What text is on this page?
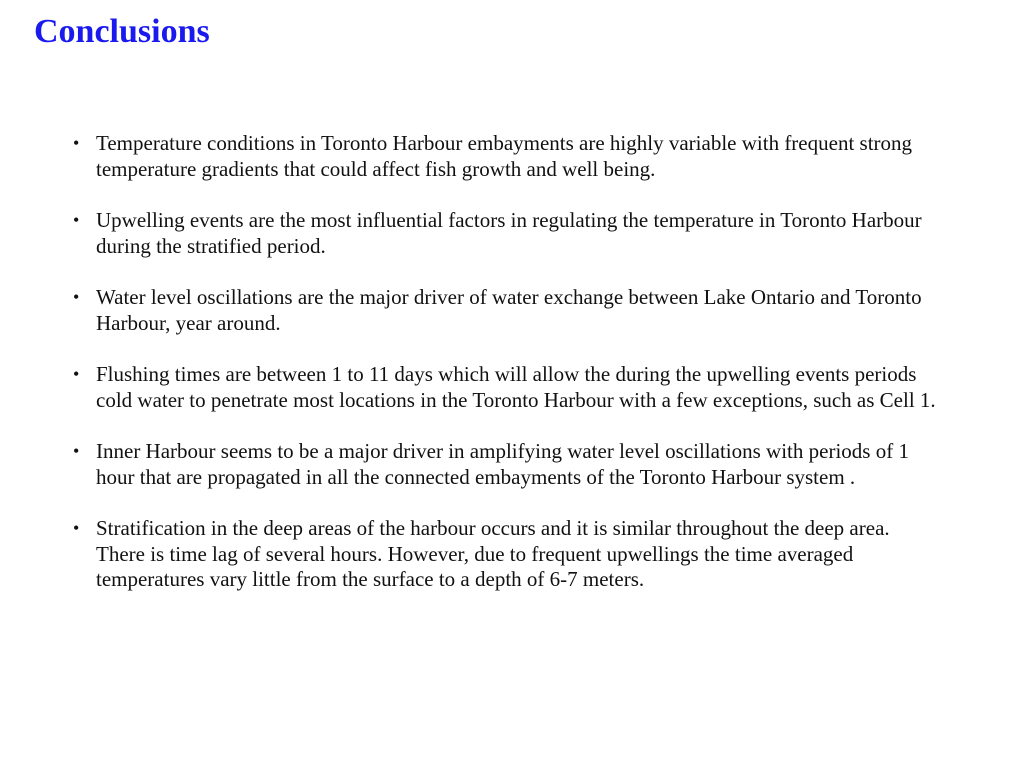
Conclusions
• Temperature conditions in Toronto Harbour embayments are highly variable with frequent strong temperature gradients that could affect fish growth and well being.
• Upwelling events are the most influential factors in regulating the temperature in Toronto Harbour during the stratified period.
• Water level oscillations are the major driver of water exchange between Lake Ontario and Toronto Harbour, year around.
• Flushing times are between 1 to 11 days which will allow the during the upwelling events periods cold water to penetrate most locations in the Toronto Harbour with a few exceptions, such as Cell 1.
• Inner Harbour seems to be a major driver in amplifying water level oscillations with periods of 1 hour that are propagated in all the connected embayments of the Toronto Harbour system .
• Stratification in the deep areas of the harbour occurs and it is similar throughout the deep area. There is time lag of several hours. However, due to frequent upwellings the time averaged temperatures vary little from the surface to a depth of 6-7 meters.
